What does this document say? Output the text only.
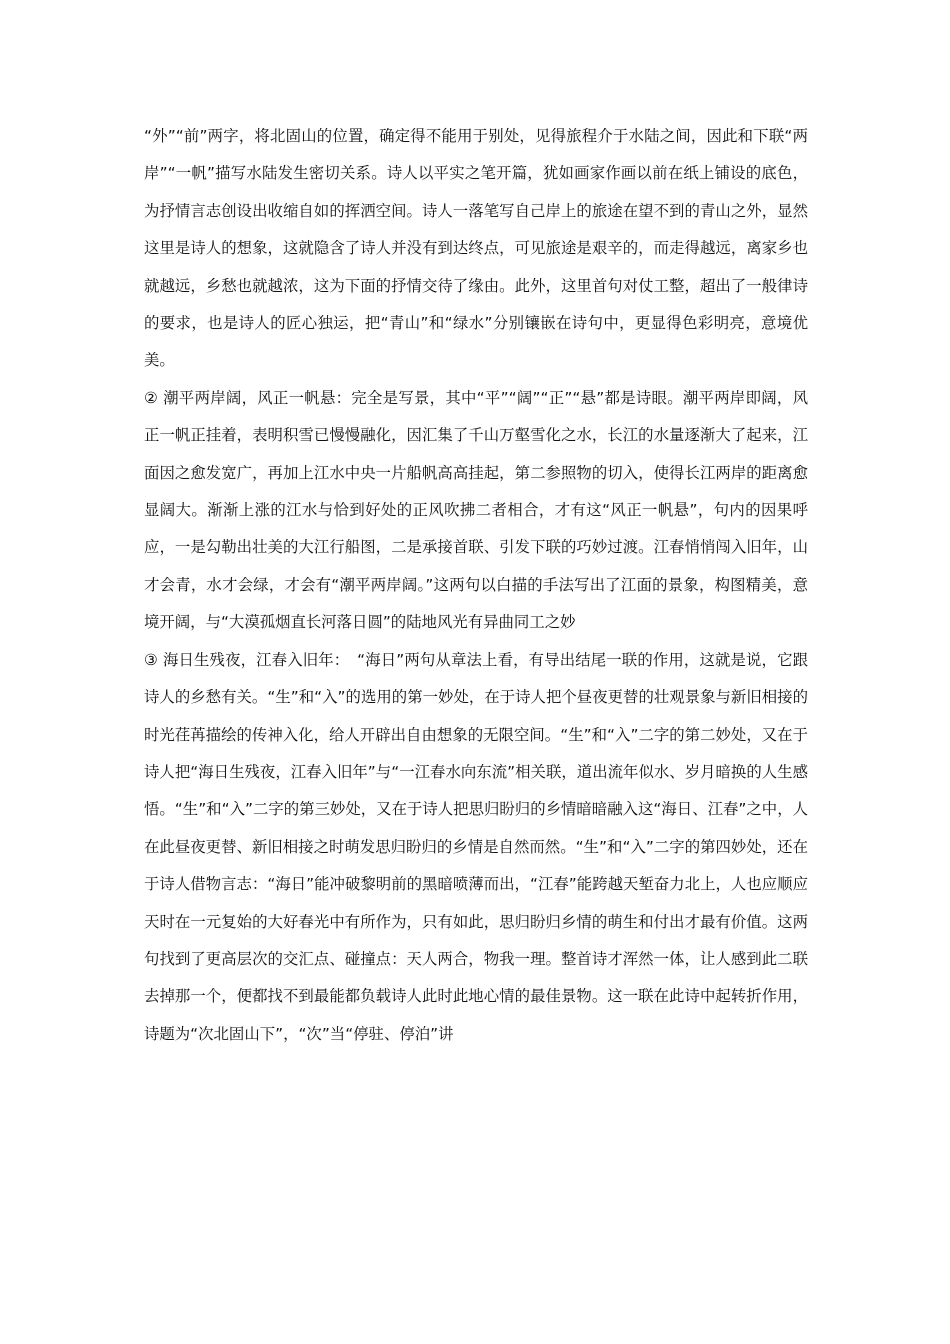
“外”“前”两字，将北固山的位置，确定得不能用于别处，见得旅程介于水陆之间，因此和下联“两岸”“一帆”描写水陆发生密切关系。诗人以平实之笔开篇，犹如画家作画以前在纸上铺设的底色，为抒情言志创设出收缩自如的挥洒空间。诗人一落笔写自己岸上的旅途在望不到的青山之外，显然这里是诗人的想象，这就隐含了诗人并没有到达终点，可见旅途是艰辛的，而走得越远，离家乡也就越远，乡愁也就越浓，这为下面的抒情交待了缘由。此外，这里首句对仗工整，超出了一般律诗的要求，也是诗人的匠心独运，把“青山”和“绿水”分别镶嵌在诗句中，更显得色彩明亮，意境优美。

② 潮平两岸阔，风正一帆悬：完全是写景，其中“平”“阔”“正”“悬”都是诗眼。潮平两岸即阔，风正一帆正挂着，表明积雪已慢慢融化，因汇集了千山万壑雪化之水，长江的水量逐渐大了起来，江面因之愈发宽广，再加上江水中央一片船帆高高挂起，第二参照物的切入，使得长江两岸的距离愈显阔大。渐渐上涨的江水与恰到好处的正风吹拂二者相合，才有这“风正一帆悬”，句内的因果呼应，一是勾勒出壮美的大江行船图，二是承接首联、引发下联的巧妙过渡。江春悄悄闯入旧年，山才会青，水才会绿，才会有“潮平两岸阔。”这两句以白描的手法写出了江面的景象，构图精美，意境开阔，与“大漠孤烟直长河落日圆”的陆地风光有异曲同工之妙

③ 海日生残夜，江春入旧年：　“海日”两句从章法上看，有导出结尾一联的作用，这就是说，它跟诗人的乡愁有关。“生”和“入”的选用的第一妙处，在于诗人把个昼夜更替的壮观景象与新旧相接的时光荏苒描绘的传神入化，给人开辟出自由想象的无限空间。“生”和“入”二字的第二妙处，又在于诗人把“海日生残夜，江春入旧年”与“一江春水向东流”相关联，道出流年似水、岁月暗换的人生感悟。“生”和“入”二字的第三妙处，又在于诗人把思归盼归的乡情暗暗融入这“海日、江春”之中，人在此昼夜更替、新旧相接之时萌发思归盼归的乡情是自然而然。“生”和“入”二字的第四妙处，还在于诗人借物言志：“海日”能冲破黎明前的黑暗喷薄而出，“江春”能跨越天堑奋力北上，人也应顺应天时在一元复始的大好春光中有所作为，只有如此，思归盼归乡情的萌生和付出才最有价值。这两句找到了更高层次的交汇点、碰撞点：天人两合，物我一理。整首诗才浑然一体，让人感到此二联去掉那一个，便都找不到最能都负载诗人此时此地心情的最佳景物。这一联在此诗中起转折作用，诗题为“次北固山下”，“次”当“停驻、停泊”讲
